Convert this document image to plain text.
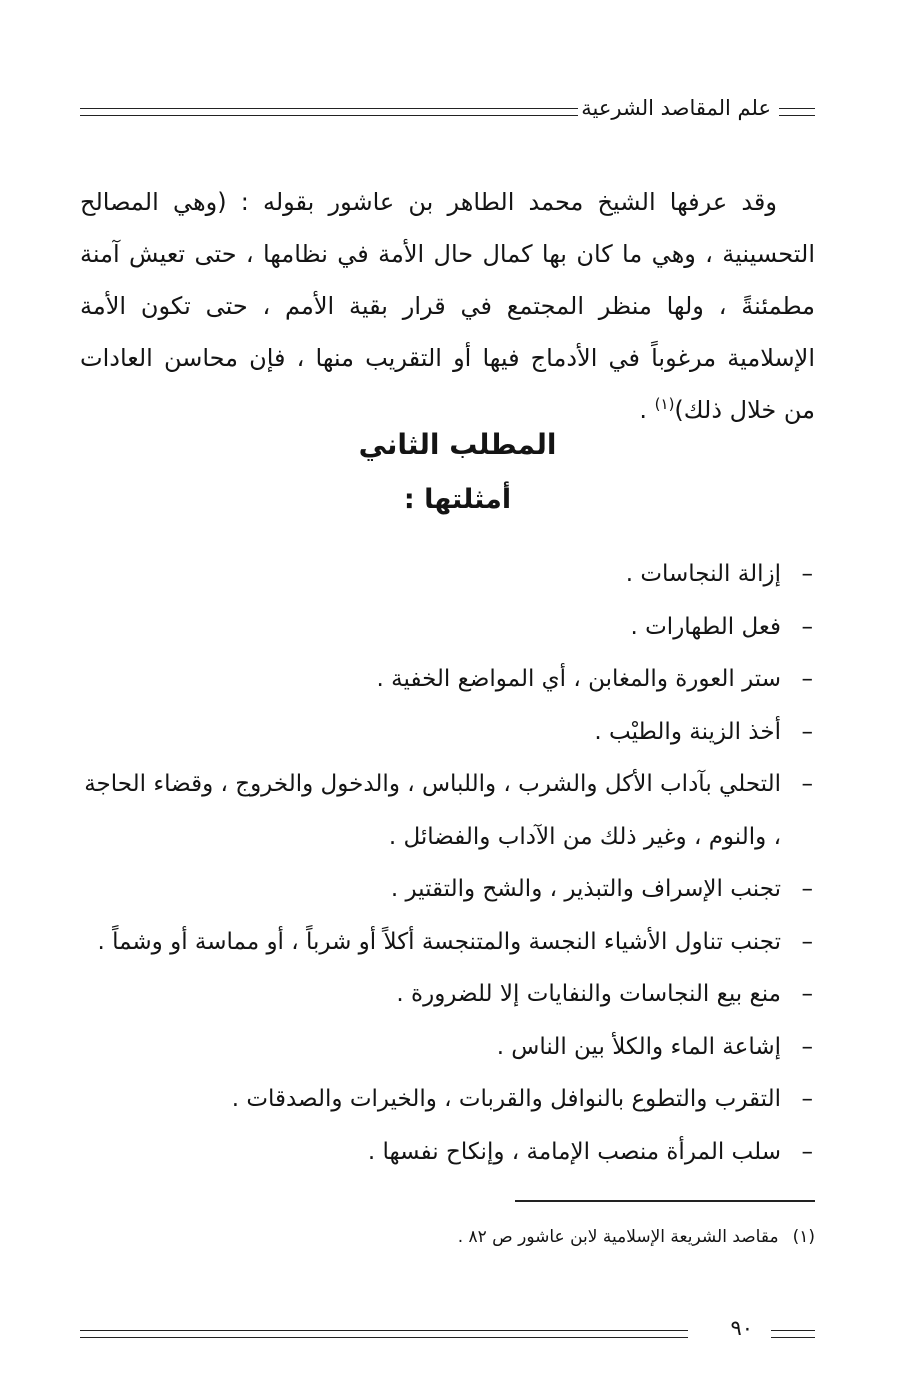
علم المقاصد الشرعية

وقد عرفها الشيخ محمد الطاهر بن عاشور بقوله : (وهي المصالح التحسينية ، وهي ما كان بها كمال حال الأمة في نظامها ، حتى تعيش آمنة مطمئنةً ، ولها منظر المجتمع في قرار بقية الأمم ، حتى تكون الأمة الإسلامية مرغوباً في الأدماج فيها أو التقريب منها ، فإن محاسن العادات من خلال ذلك)$^{(١)}$ .

المطلب الثاني
أمثلتها :
–
إزالة النجاسات .
–
فعل الطهارات .
–
ستر العورة والمغابن ، أي المواضع الخفية .
–
أخذ الزينة والطيْب .
–
التحلي بآداب الأكل والشرب ، واللباس ، والدخول والخروج ، وقضاء الحاجة ، والنوم ، وغير ذلك من الآداب والفضائل .
–
تجنب الإسراف والتبذير ، والشح والتقتير .
–
تجنب تناول الأشياء النجسة والمتنجسة أكلاً أو شرباً ، أو مماسة أو وشماً .
–
منع بيع النجاسات والنفايات إلا للضرورة .
–
إشاعة الماء والكلأ بين الناس .
–
التقرب والتطوع بالنوافل والقربات ، والخيرات والصدقات .
–
سلب المرأة منصب الإمامة ، وإنكاح نفسها .
(١)مقاصد الشريعة الإسلامية لابن عاشور ص ٨٢ .
٩٠
